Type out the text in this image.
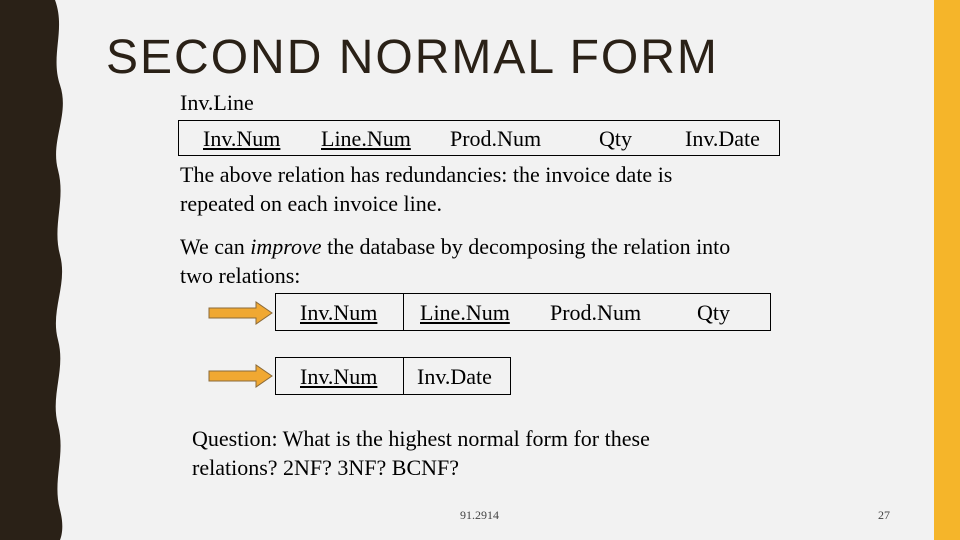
SECOND NORMAL FORM
Inv.Line
Inv.Num Line.Num Prod.Num	Qty Inv.Date
The above relation has redundancies: the invoice date is repeated on each invoice line.
We can improve the database by decomposing the relation into two relations:
Inv.Num Line.Num Prod.Num	Qty
Inv.Num Inv.Date
Question: What is the highest normal form for these relations? 2NF? 3NF? BCNF?
91.2914	27
